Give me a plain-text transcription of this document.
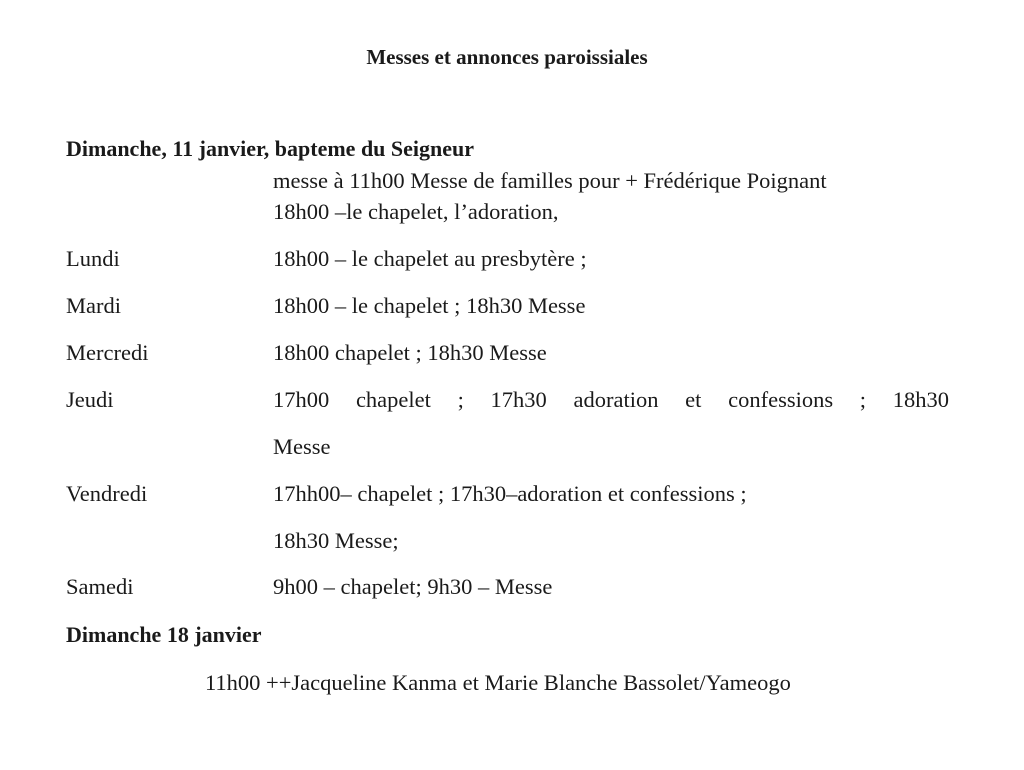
Messes et annonces paroissiales
Dimanche, 11 janvier, bapteme du Seigneur
messe à 11h00 Messe de familles pour + Frédérique Poignant
18h00 –le chapelet, l’adoration,
Lundi	18h00 – le chapelet au presbytère ;
Mardi	18h00 – le chapelet ; 18h30 Messe
Mercredi	18h00 chapelet ; 18h30 Messe
Jeudi	17h00 chapelet ; 17h30 adoration et confessions ; 18h30
Messe
Vendredi	17hh00– chapelet ; 17h30–adoration et confessions ;
18h30 Messe;
Samedi	9h00 – chapelet; 9h30 – Messe
Dimanche 18 janvier
11h00 ++Jacqueline Kanma et Marie Blanche Bassolet/Yameogo
